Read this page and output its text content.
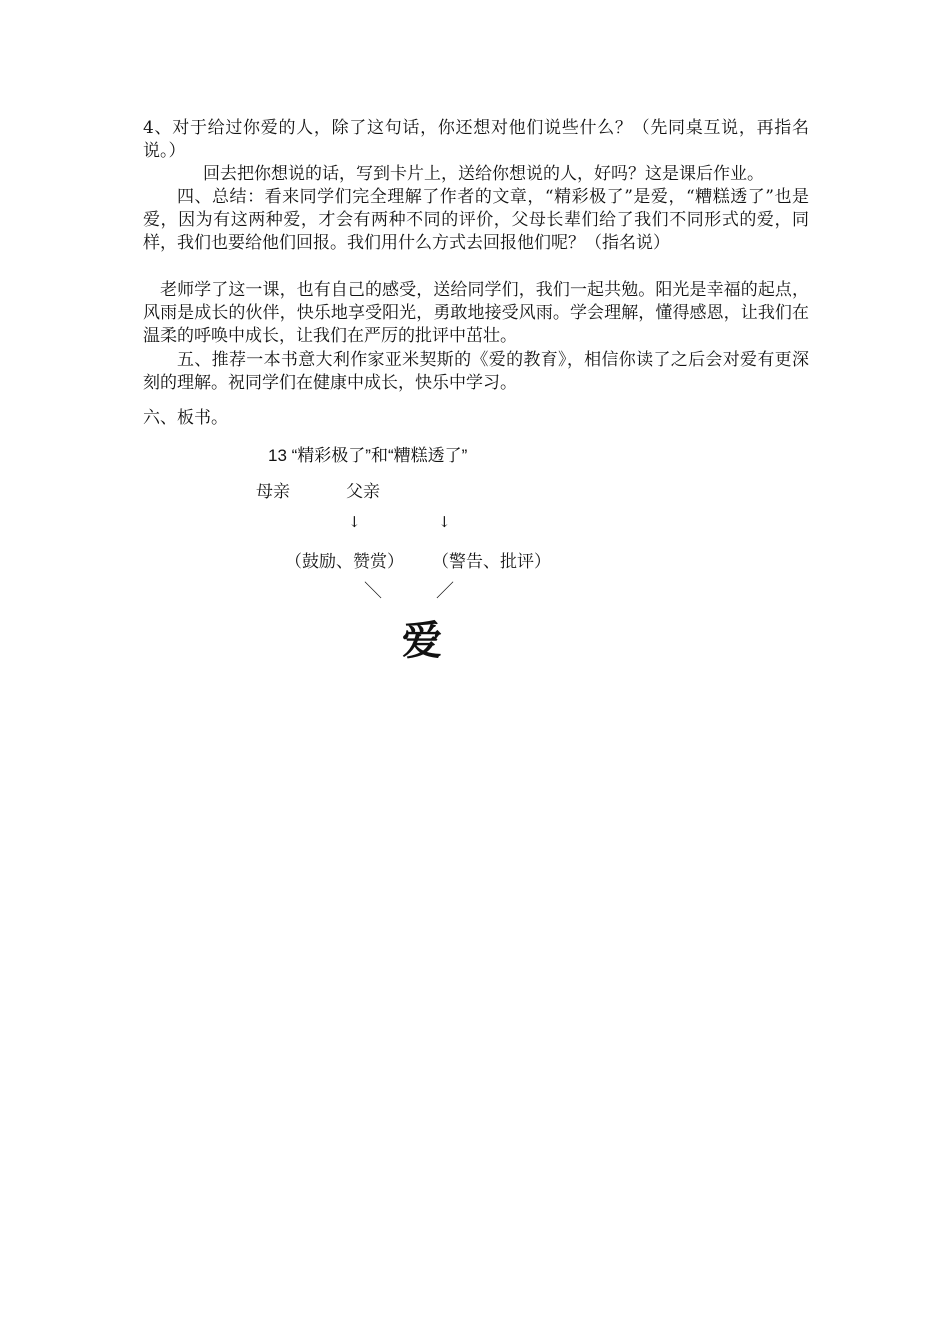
4、对于给过你爱的人，除了这句话，你还想对他们说些什么？（先同桌互说，再指名说。）

回去把你想说的话，写到卡片上，送给你想说的人，好吗？这是课后作业。

四、总结：看来同学们完全理解了作者的文章，“精彩极了”是爱，“糟糕透了”也是爱，因为有这两种爱，才会有两种不同的评价，父母长辈们给了我们不同形式的爱，同样，我们也要给他们回报。我们用什么方式去回报他们呢？（指名说）

老师学了这一课，也有自己的感受，送给同学们，我们一起共勉。阳光是幸福的起点，风雨是成长的伙伴，快乐地享受阳光，勇敢地接受风雨。学会理解，懂得感恩，让我们在温柔的呼唤中成长，让我们在严厉的批评中茁壮。

五、推荐一本书意大利作家亚米契斯的《爱的教育》，相信你读了之后会对爱有更深刻的理解。祝同学们在健康中成长，快乐中学习。

六、板书。

13 “精彩极了”和“糟糕透了”
母亲	父亲
↓	↓
（鼓励、赞赏） （警告、批评）
＼	／
爱
